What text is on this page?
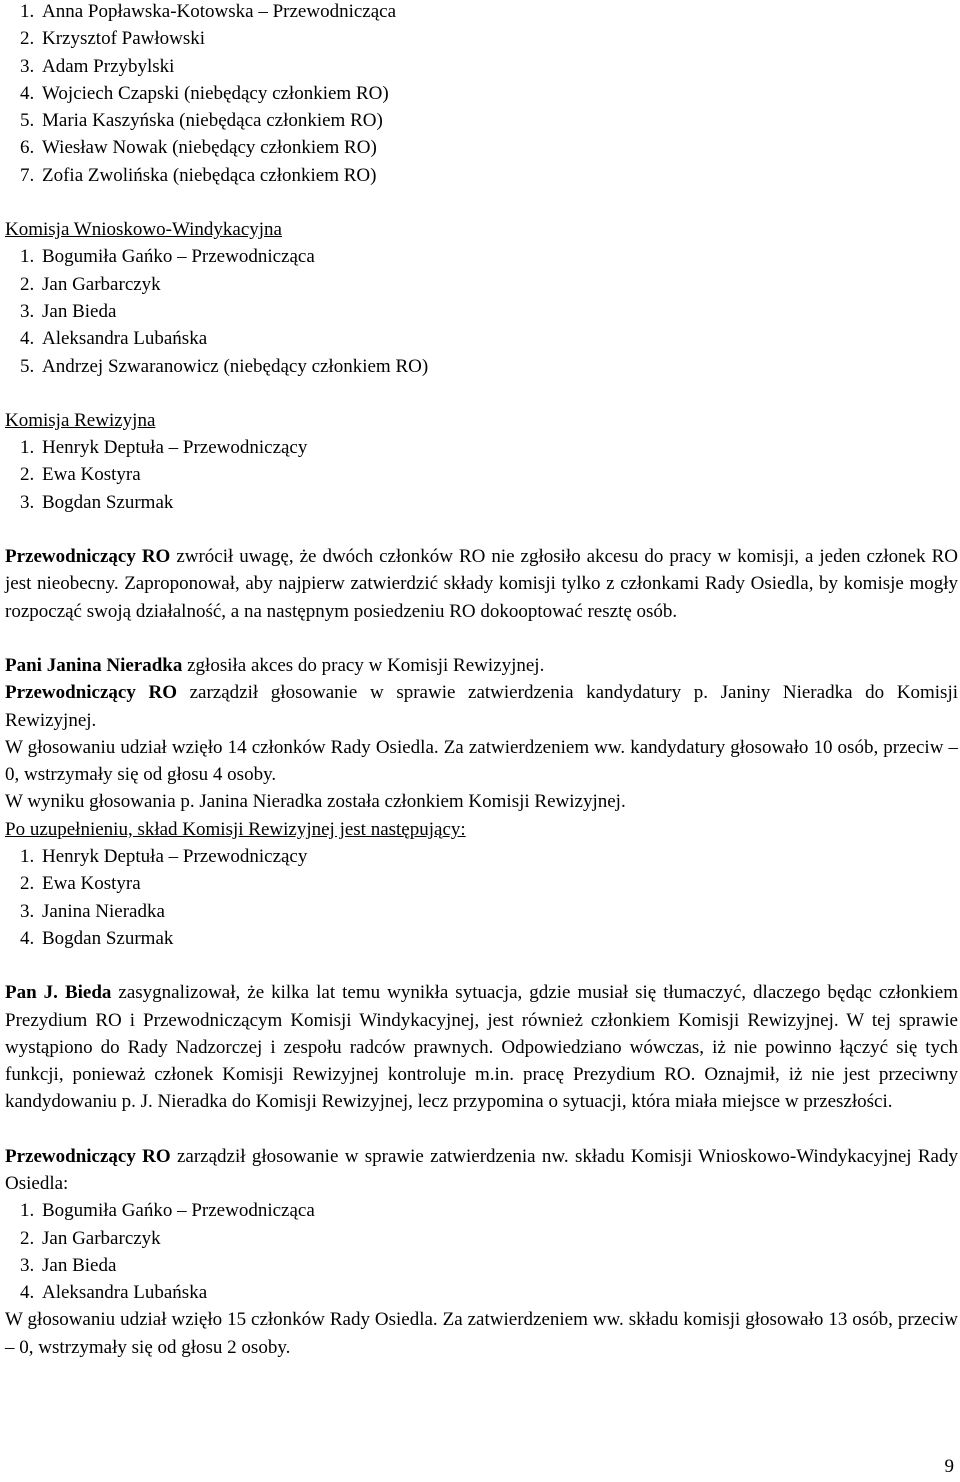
1. Anna Popławska-Kotowska – Przewodnicząca
2. Krzysztof Pawłowski
3. Adam Przybylski
4. Wojciech Czapski (niebędący członkiem RO)
5. Maria Kaszyńska (niebędąca członkiem RO)
6. Wiesław Nowak (niebędący członkiem RO)
7. Zofia Zwolińska (niebędąca członkiem RO)
Komisja Wnioskowo-Windykacyjna
1. Bogumiła Gańko – Przewodnicząca
2. Jan Garbarczyk
3. Jan Bieda
4. Aleksandra Lubańska
5. Andrzej Szwaranowicz (niebędący członkiem RO)
Komisja Rewizyjna
1. Henryk Deptuła – Przewodniczący
2. Ewa Kostyra
3. Bogdan Szurmak

Przewodniczący RO zwrócił uwagę, że dwóch członków RO nie zgłosiło akcesu do pracy w komisji, a jeden członek RO jest nieobecny. Zaproponował, aby najpierw zatwierdzić składy komisji tylko z członkami Rady Osiedla, by komisje mogły rozpocząć swoją działalność, a na następnym posiedzeniu RO dokooptować resztę osób.

Pani Janina Nieradka zgłosiła akces do pracy w Komisji Rewizyjnej.

Przewodniczący RO zarządził głosowanie w sprawie zatwierdzenia kandydatury p. Janiny Nieradka do Komisji Rewizyjnej.

W głosowaniu udział wzięło 14 członków Rady Osiedla. Za zatwierdzeniem ww. kandydatury głosowało 10 osób, przeciw – 0, wstrzymały się od głosu 4 osoby.

W wyniku głosowania p. Janina Nieradka została członkiem Komisji Rewizyjnej.

Po uzupełnieniu, skład Komisji Rewizyjnej jest następujący:
1. Henryk Deptuła – Przewodniczący
2. Ewa Kostyra
3. Janina Nieradka
4. Bogdan Szurmak

Pan J. Bieda zasygnalizował, że kilka lat temu wynikła sytuacja, gdzie musiał się tłumaczyć, dlaczego będąc członkiem Prezydium RO i Przewodniczącym Komisji Windykacyjnej, jest również członkiem Komisji Rewizyjnej. W tej sprawie wystąpiono do Rady Nadzorczej i zespołu radców prawnych. Odpowiedziano wówczas, iż nie powinno łączyć się tych funkcji, ponieważ członek Komisji Rewizyjnej kontroluje m.in. pracę Prezydium RO. Oznajmił, iż nie jest przeciwny kandydowaniu p. J. Nieradka do Komisji Rewizyjnej, lecz przypomina o sytuacji, która miała miejsce w przeszłości.

Przewodniczący RO zarządził głosowanie w sprawie zatwierdzenia nw. składu Komisji Wnioskowo-Windykacyjnej Rady Osiedla:

1. Bogumiła Gańko – Przewodnicząca
2. Jan Garbarczyk
3. Jan Bieda
4. Aleksandra Lubańska

W głosowaniu udział wzięło 15 członków Rady Osiedla. Za zatwierdzeniem ww. składu komisji głosowało 13 osób, przeciw – 0, wstrzymały się od głosu 2 osoby.

9
